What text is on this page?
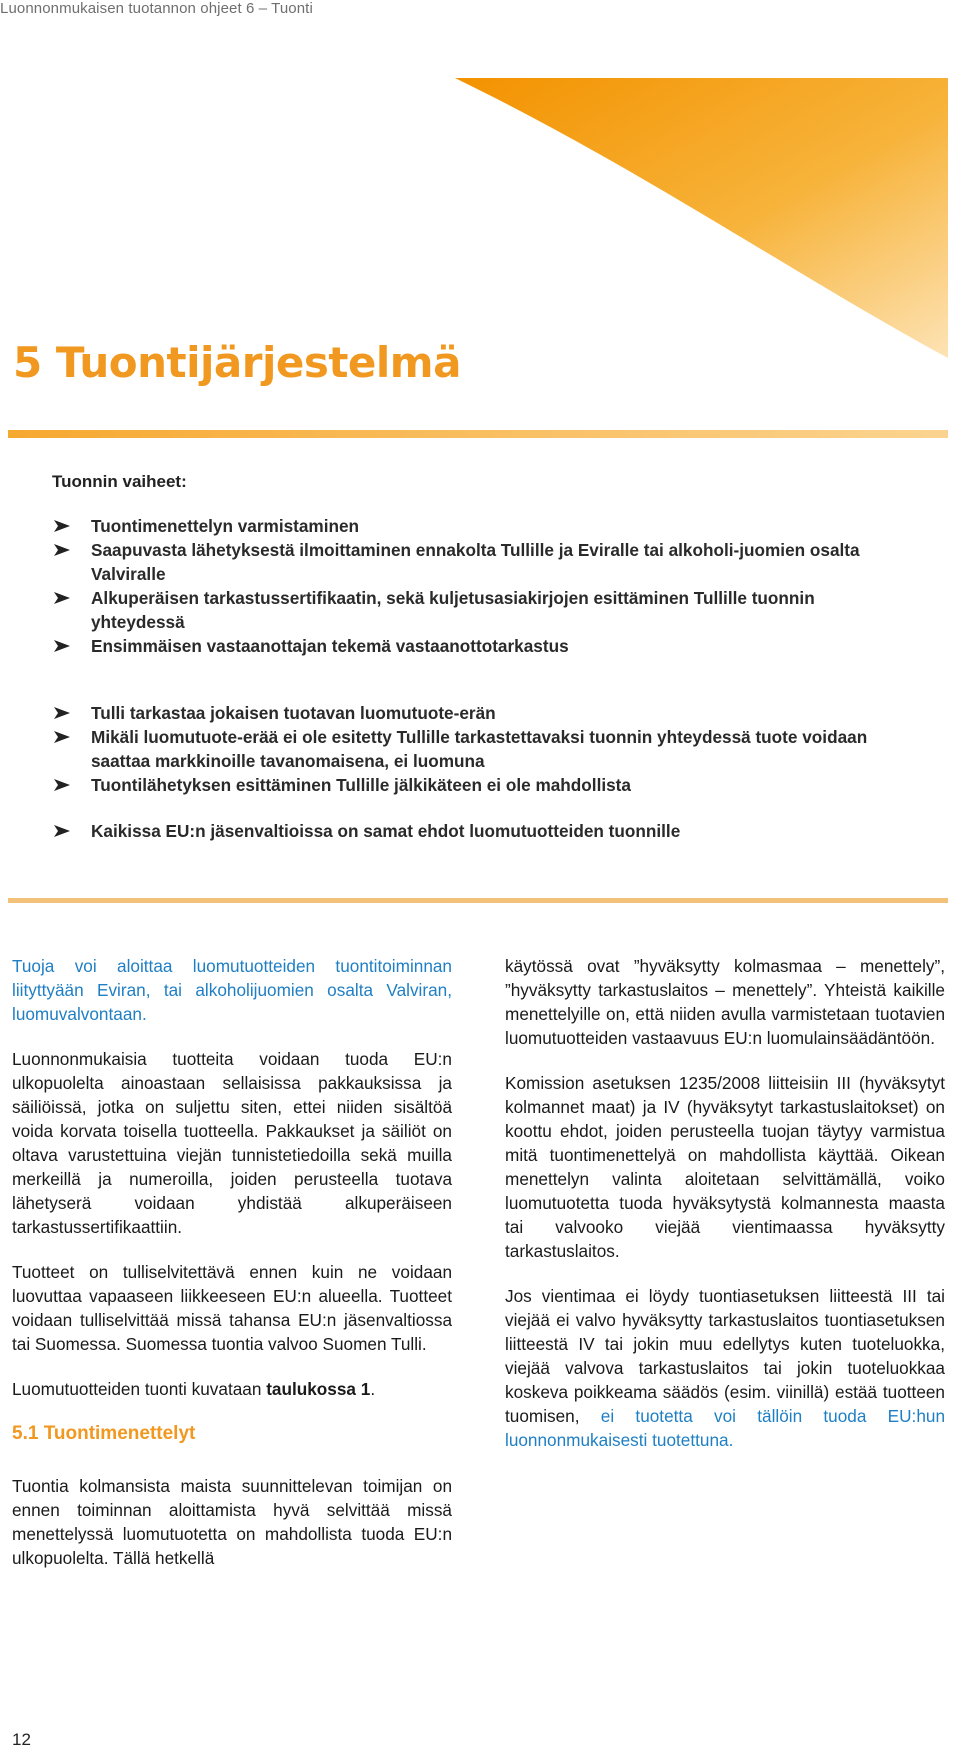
Luonnonmukaisen tuotannon ohjeet 6 – Tuonti
5 Tuontijärjestelmä
Tuonnin vaiheet:
Tuontimenettelyn varmistaminen
Saapuvasta lähetyksestä ilmoittaminen ennakolta Tullille ja Eviralle tai alkoholi-juomien osalta Valviralle
Alkuperäisen tarkastussertifikaatin, sekä kuljetusasiakirjojen esittäminen Tullille tuonnin yhteydessä
Ensimmäisen vastaanottajan tekemä vastaanottotarkastus
Tulli tarkastaa jokaisen tuotavan luomutuote-erän
Mikäli luomutuote-erää ei ole esitetty Tullille tarkastettavaksi tuonnin yhteydessä tuote voidaan saattaa markkinoille tavanomaisena, ei luomuna
Tuontilähetyksen esittäminen Tullille jälkikäteen ei ole mahdollista
Kaikissa EU:n jäsenvaltioissa on samat ehdot luomutuotteiden tuonnille

Tuoja voi aloittaa luomutuotteiden tuontitoiminnan liityttyään Eviran, tai alkoholijuomien osalta Valviran, luomuvalvontaan.

Luonnonmukaisia tuotteita voidaan tuoda EU:n ulkopuolelta ainoastaan sellaisissa pakkauksissa ja säiliöissä, jotka on suljettu siten, ettei niiden sisältöä voida korvata toisella tuotteella. Pakkaukset ja säiliöt on oltava varustettuina viejän tunnistetiedoilla sekä muilla merkeillä ja numeroilla, joiden perusteella tuotava lähetyserä voidaan yhdistää alkuperäiseen tarkastussertifikaattiin.

Tuotteet on tulliselvitettävä ennen kuin ne voidaan luovuttaa vapaaseen liikkeeseen EU:n alueella. Tuotteet voidaan tulliselvittää missä tahansa EU:n jäsenvaltiossa tai Suomessa. Suomessa tuontia valvoo Suomen Tulli.

Luomutuotteiden tuonti kuvataan taulukossa 1.

5.1 Tuontimenettelyt

Tuontia kolmansista maista suunnittelevan toimijan on ennen toiminnan aloittamista hyvä selvittää missä menettelyssä luomutuotetta on mahdollista tuoda EU:n ulkopuolelta. Tällä hetkellä

käytössä ovat ”hyväksytty kolmasmaa – menettely”, ”hyväksytty tarkastuslaitos – menettely”. Yhteistä kaikille menettelyille on, että niiden avulla varmistetaan tuotavien luomutuotteiden vastaavuus EU:n luomulainsäädäntöön.

Komission asetuksen 1235/2008 liitteisiin III (hyväksytyt kolmannet maat) ja IV (hyväksytyt tarkastuslaitokset) on koottu ehdot, joiden perusteella tuojan täytyy varmistua mitä tuontimenettelyä on mahdollista käyttää. Oikean menettelyn valinta aloitetaan selvittämällä, voiko luomutuotetta tuoda hyväksytystä kolmannesta maasta tai valvooko viejää vientimaassa hyväksytty tarkastuslaitos.

Jos vientimaa ei löydy tuontiasetuksen liitteestä III tai viejää ei valvo hyväksytty tarkastuslaitos tuontiasetuksen liitteestä IV tai jokin muu edellytys kuten tuoteluokka, viejää valvova tarkastuslaitos tai jokin tuoteluokkaa koskeva poikkeama säädös (esim. viinillä) estää tuotteen tuomisen, ei tuotetta voi tällöin tuoda EU:hun luonnonmukaisesti tuotettuna.

12
